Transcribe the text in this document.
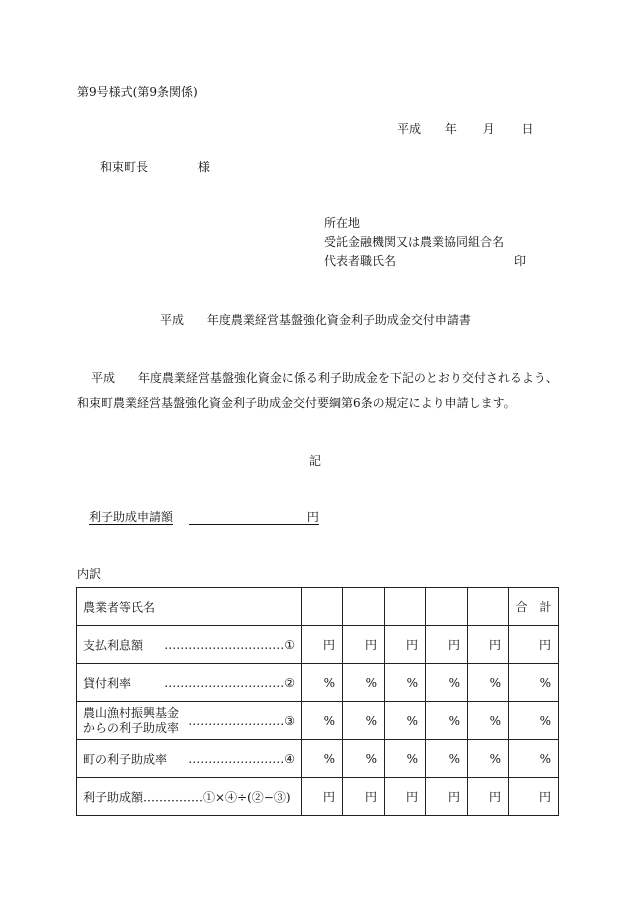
第9号様式(第9条関係)
平成 年 月 日
和束町長	様
所在地
受託金融機関又は農業協同組合名
代表者職氏名	印
平成 年度農業経営基盤強化資金利子助成金交付申請書
平成 年度農業経営基盤強化資金に係る利子助成金を下記のとおり交付されるよう、
和束町農業経営基盤強化資金利子助成金交付要綱第6条の規定により申請します。
記
利子助成申請額	円
内訳
農業者等氏名						合　計

支払利息額 …………………………①	円	円	円	円	円	円

貸付利率 …………………………②	%	%	%	%	%	%

農山漁村振興基金
からの利子助成率 ……………………③	%	%	%	%	%	%

町の利子助成率 ……………………④	%	%	%	%	%	%

利子助成額……………①×④÷(②−③)	円	円	円	円	円	円
